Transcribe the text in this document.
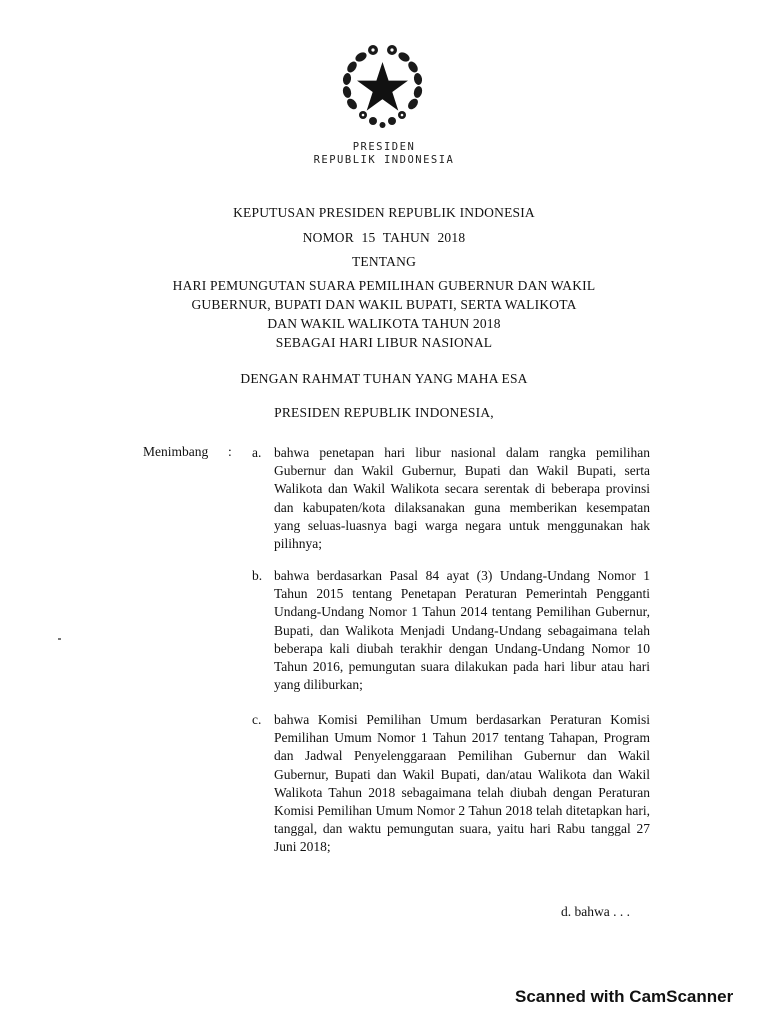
PRESIDEN
REPUBLIK INDONESIA
KEPUTUSAN PRESIDEN REPUBLIK INDONESIA
NOMOR 15 TAHUN 2018
TENTANG
HARI PEMUNGUTAN SUARA PEMILIHAN GUBERNUR DAN WAKIL
GUBERNUR, BUPATI DAN WAKIL BUPATI, SERTA WALIKOTA
DAN WAKIL WALIKOTA TAHUN 2018
SEBAGAI HARI LIBUR NASIONAL
DENGAN RAHMAT TUHAN YANG MAHA ESA
PRESIDEN REPUBLIK INDONESIA,
Menimbang : a. bahwa penetapan hari libur nasional dalam rangka pemilihan Gubernur dan Wakil Gubernur, Bupati dan Wakil Bupati, serta Walikota dan Wakil Walikota secara serentak di beberapa provinsi dan kabupaten/kota dilaksanakan guna memberikan kesempatan yang seluas-luasnya bagi warga negara untuk menggunakan hak pilihnya;
b. bahwa berdasarkan Pasal 84 ayat (3) Undang-Undang Nomor 1 Tahun 2015 tentang Penetapan Peraturan Pemerintah Pengganti Undang-Undang Nomor 1 Tahun 2014 tentang Pemilihan Gubernur, Bupati, dan Walikota Menjadi Undang-Undang sebagaimana telah beberapa kali diubah terakhir dengan Undang-Undang Nomor 10 Tahun 2016, pemungutan suara dilakukan pada hari libur atau hari yang diliburkan;
c. bahwa Komisi Pemilihan Umum berdasarkan Peraturan Komisi Pemilihan Umum Nomor 1 Tahun 2017 tentang Tahapan, Program dan Jadwal Penyelenggaraan Pemilihan Gubernur dan Wakil Gubernur, Bupati dan Wakil Bupati, dan/atau Walikota dan Wakil Walikota Tahun 2018 sebagaimana telah diubah dengan Peraturan Komisi Pemilihan Umum Nomor 2 Tahun 2018 telah ditetapkan hari, tanggal, dan waktu pemungutan suara, yaitu hari Rabu tanggal 27 Juni 2018;
d. bahwa . . .
Scanned with CamScanner
